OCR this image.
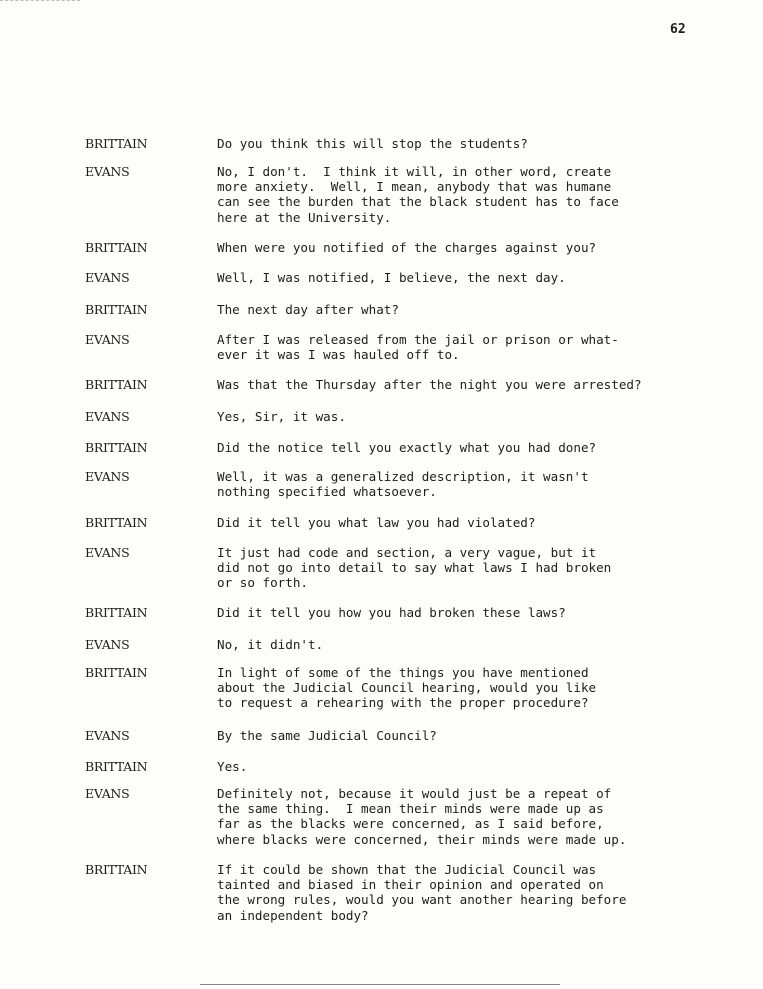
62
BRITTAIN	Do you think this will stop the students?
EVANS	No, I don't.  I think it will, in other word, create
more anxiety.  Well, I mean, anybody that was humane
can see the burden that the black student has to face
here at the University.
BRITTAIN	When were you notified of the charges against you?
EVANS	Well, I was notified, I believe, the next day.
BRITTAIN	The next day after what?
EVANS	After I was released from the jail or prison or what-
ever it was I was hauled off to.
BRITTAIN	Was that the Thursday after the night you were arrested?
EVANS	Yes, Sir, it was.
BRITTAIN	Did the notice tell you exactly what you had done?
EVANS	Well, it was a generalized description, it wasn't
nothing specified whatsoever.
BRITTAIN	Did it tell you what law you had violated?
EVANS	It just had code and section, a very vague, but it
did not go into detail to say what laws I had broken
or so forth.
BRITTAIN	Did it tell you how you had broken these laws?
EVANS	No, it didn't.
BRITTAIN	In light of some of the things you have mentioned
about the Judicial Council hearing, would you like
to request a rehearing with the proper procedure?
EVANS	By the same Judicial Council?
BRITTAIN	Yes.
EVANS	Definitely not, because it would just be a repeat of
the same thing.  I mean their minds were made up as
far as the blacks were concerned, as I said before,
where blacks were concerned, their minds were made up.
BRITTAIN	If it could be shown that the Judicial Council was
tainted and biased in their opinion and operated on
the wrong rules, would you want another hearing before
an independent body?
